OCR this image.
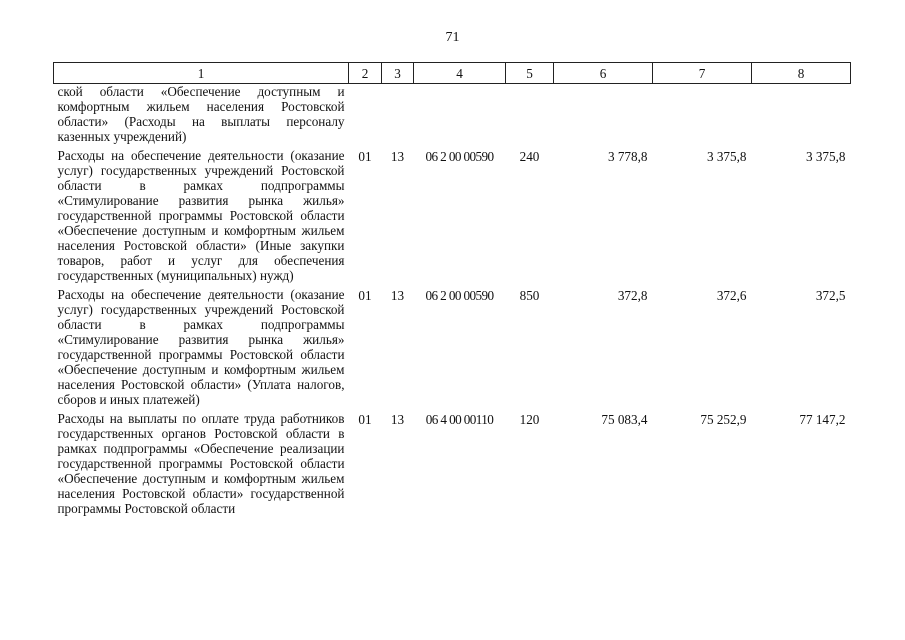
71
1	2	3	4	5	6	7	8
ской области «Обеспечение доступным и комфортным жильем населения Ростовской области» (Расходы на выплаты персоналу казенных учреждений)							
Расходы на обеспечение деятельности (оказание услуг) государственных учреждений Ростовской области в рамках подпрограммы «Стимулирование развития рынка жилья» государственной программы Ростовской области «Обеспечение доступным и комфортным жильем населения Ростовской области» (Иные закупки товаров, работ и услуг для обеспечения государственных (муниципальных) нужд)	01	13	06 2 00 00590	240	3 778,8	3 375,8	3 375,8
Расходы на обеспечение деятельности (оказание услуг) государственных учреждений Ростовской области в рамках подпрограммы «Стимулирование развития рынка жилья» государственной программы Ростовской области «Обеспечение доступным и комфортным жильем населения Ростовской области» (Уплата налогов, сборов и иных платежей)	01	13	06 2 00 00590	850	372,8	372,6	372,5
Расходы на выплаты по оплате труда работников государственных органов Ростовской области в рамках подпрограммы «Обеспечение реализации государственной программы Ростовской области «Обеспечение доступным и комфортным жильем населения Ростовской области» государственной программы Ростовской области	01	13	06 4 00 00110	120	75 083,4	75 252,9	77 147,2
